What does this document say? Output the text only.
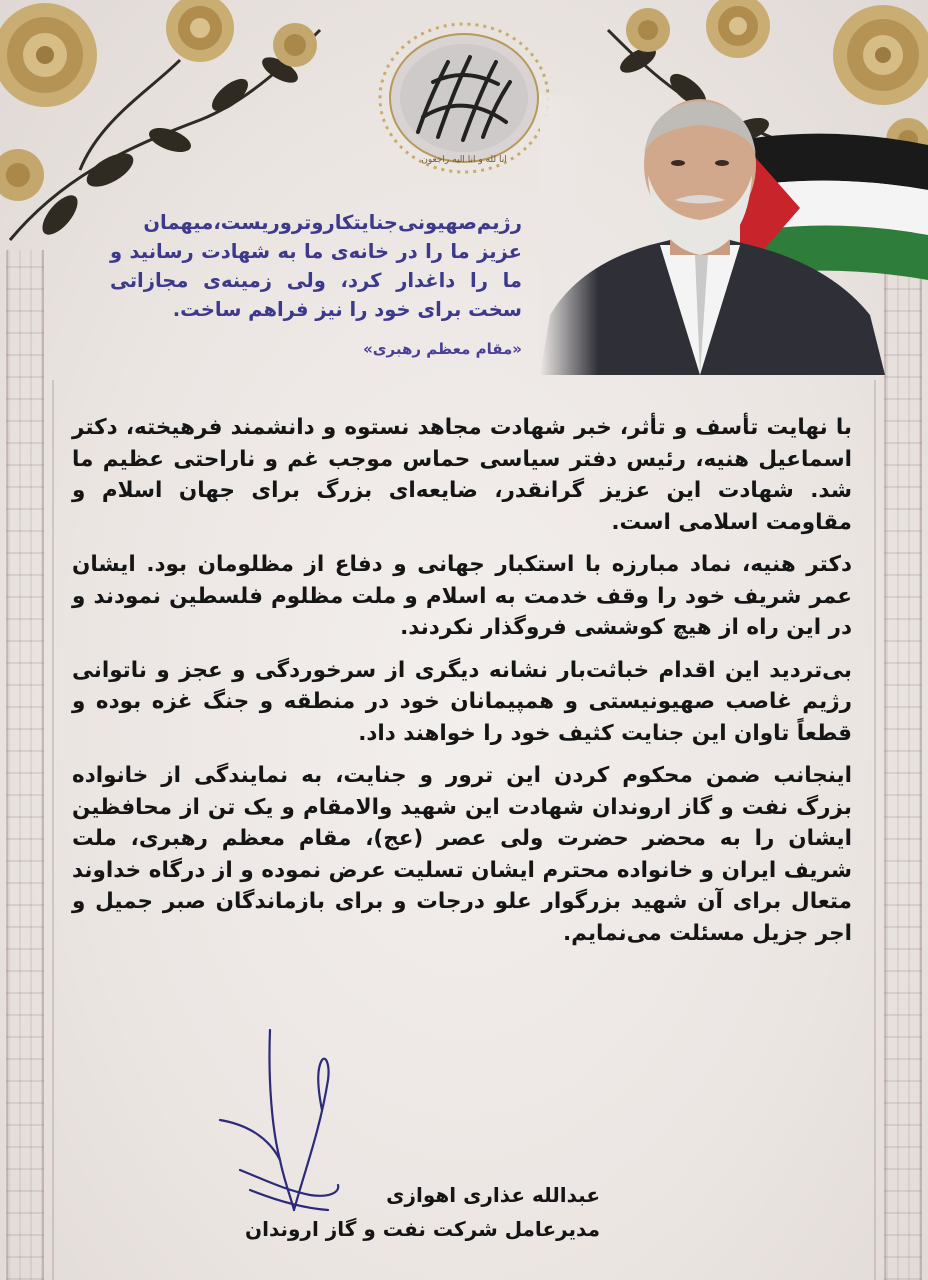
انا لله و انا الیه راجعون
رژیم‌صهیونی‌جنایتکار‌وتروریست،‌میهمان عزیز ما را در خانه‌ی ما به شهادت رسانید و ما را داغدار کرد، ولی زمینه‌ی مجازاتی سخت برای خود را نیز فراهم ساخت.
«مقام معظم رهبری»

با نهایت تأسف و تأثر، خبر شهادت مجاهد نستوه و دانشمند فرهیخته، دکتر اسماعیل هنیه، رئیس دفتر سیاسی حماس موجب غم و ناراحتی عظیم ما شد. شهادت این عزیز گرانقدر، ضایعه‌ای بزرگ برای جهان اسلام و مقاومت اسلامی است.

دکتر هنیه، نماد مبارزه با استکبار جهانی و دفاع از مظلومان بود. ایشان عمر شریف خود را وقف خدمت به اسلام و ملت مظلوم فلسطین نمودند و در این راه از هیچ کوششی فروگذار نکردند.

بی‌تردید این اقدام خباثت‌بار نشانه دیگری از سرخوردگی و عجز و ناتوانی رژیم غاصب صهیونیستی و همپیمانان خود در منطقه و جنگ غزه بوده و قطعاً تاوان این جنایت کثیف خود را خواهند داد.

اینجانب ضمن محکوم کردن این ترور و جنایت، به نمایندگی از خانواده بزرگ نفت و گاز اروندان شهادت این شهید والامقام و یک تن از محافظین ایشان را به محضر حضرت ولی عصر (عج)، مقام معظم رهبری، ملت شریف ایران و خانواده محترم ایشان تسلیت عرض نموده و از درگاه خداوند متعال برای آن شهید بزرگوار علو درجات و برای بازماندگان صبر جمیل و اجر جزیل مسئلت می‌نمایم.

عبدالله عذاری اهوازی
مدیرعامل شرکت نفت و گاز اروندان
